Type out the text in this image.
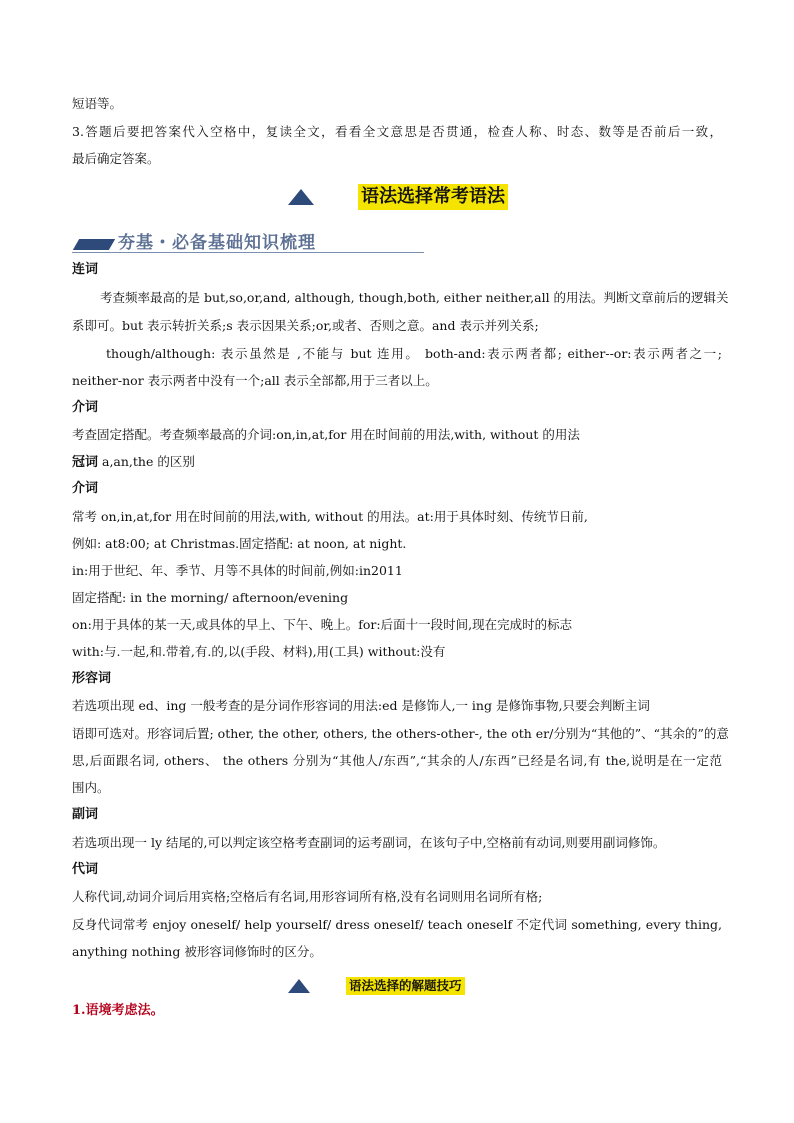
短语等。
3.答题后要把答案代入空格中，复读全文，看看全文意思是否贯通，检查人称、时态、数等是否前后一致，
最后确定答案。
语法选择常考语法
夯基・必备基础知识梳理
连词
考查频率最高的是 but,so,or,and, although, though,both, either neither,all 的用法。判断文章前后的逻辑关
系即可。but 表示转折关系;s 表示因果关系;or,或者、否则之意。and 表示并列关系;
though/although: 表示虽然是 ,不能与 but 连用。 both-and:表示两者都; either--or:表示两者之一;
neither-nor 表示两者中没有一个;all 表示全部都,用于三者以上。
介词
考查固定搭配。考查频率最高的介词:on,in,at,for 用在时间前的用法,with, without 的用法
冠词 a,an,the 的区别
介词
常考 on,in,at,for 用在时间前的用法,with, without 的用法。at:用于具体时刻、传统节日前,
例如: at8:00; at Christmas.固定搭配: at noon, at night.
in:用于世纪、年、季节、月等不具体的时间前,例如:in2011
固定搭配: in the morning/ afternoon/evening
on:用于具体的某一天,或具体的早上、下午、晚上。for:后面十一段时间,现在完成时的标志
with:与.一起,和.带着,有.的,以(手段、材料),用(工具) without:没有
形容词
若选项出现 ed、ing 一般考查的是分词作形容词的用法:ed 是修饰人,一 ing 是修饰事物,只要会判断主词
语即可选对。形容词后置; other, the other, others, the others-other-, the oth er/分别为“其他的”、“其余的”的意
思,后面跟名词, others、 the others 分别为“其他人/东西”,“其余的人/东西”已经是名词,有 the,说明是在一定范
围内。
副词
若选项出现一 ly 结尾的,可以判定该空格考查副词的运考副词，在该句子中,空格前有动词,则要用副词修饰。
代词
人称代词,动词介词后用宾格;空格后有名词,用形容词所有格,没有名词则用名词所有格;
反身代词常考 enjoy oneself/ help yourself/ dress oneself/ teach oneself 不定代词 something, every thing,
anything nothing 被形容词修饰时的区分。
语法选择的解题技巧
1.语境考虑法。
